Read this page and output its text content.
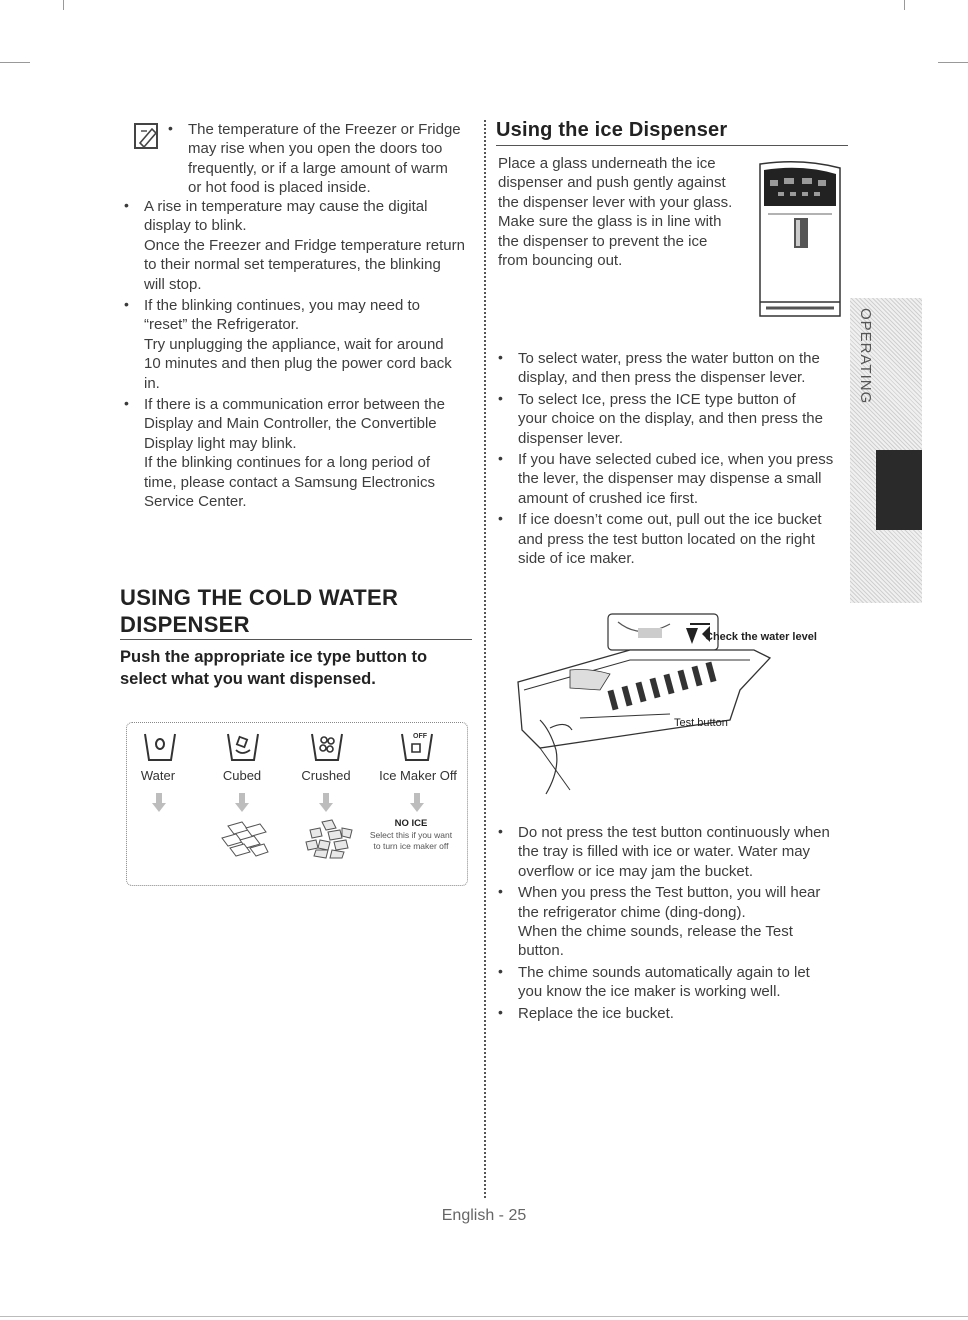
• The temperature of the Freezer or Fridge

may rise when you open the doors too

frequently, or if a large amount of warm

or hot food is placed inside.

• A rise in temperature may cause the digital

display to blink.

Once the Freezer and Fridge temperature return

to their normal set temperatures, the blinking

will stop.

• If the blinking continues, you may need to

“reset” the Refrigerator.

Try unplugging the appliance, wait for around

10 minutes and then plug the power cord back

in.

• If there is a communication error between the

Display and Main Controller, the Convertible

Display light may blink.

If the blinking continues for a long period of

time, please contact a Samsung Electronics

Service Center.

USING THE COLD WATER
DISPENSER

Push the appropriate ice type button to

select what you want dispensed.

OFF
Water	Cubed	Crushed	Ice Maker Off
NO ICE
Select this if you want
to turn ice maker off
Using the ice Dispenser

Place a glass underneath the ice

dispenser and push gently against

the dispenser lever with your glass.

Make sure the glass is in line with

the dispenser to prevent the ice

from bouncing out.

OPERATING

• To select water, press the water button on the

display, and then press the dispenser lever.

• To select Ice, press the ICE type button of

your choice on the display, and then press the

dispenser lever.

• If you have selected cubed ice, when you press

the lever, the dispenser may dispense a small

amount of crushed ice first.

• If ice doesn’t come out, pull out the ice bucket

and press the test button located on the right

side of ice maker.

Check the water level
Test button

• Do not press the test button continuously when

the tray is filled with ice or water. Water may

overflow or ice may jam the bucket.

• When you press the Test button, you will hear

the refrigerator chime (ding-dong).

When the chime sounds, release the Test

button.

• The chime sounds automatically again to let

you know the ice maker is working well.

• Replace the ice bucket.

English - 25
